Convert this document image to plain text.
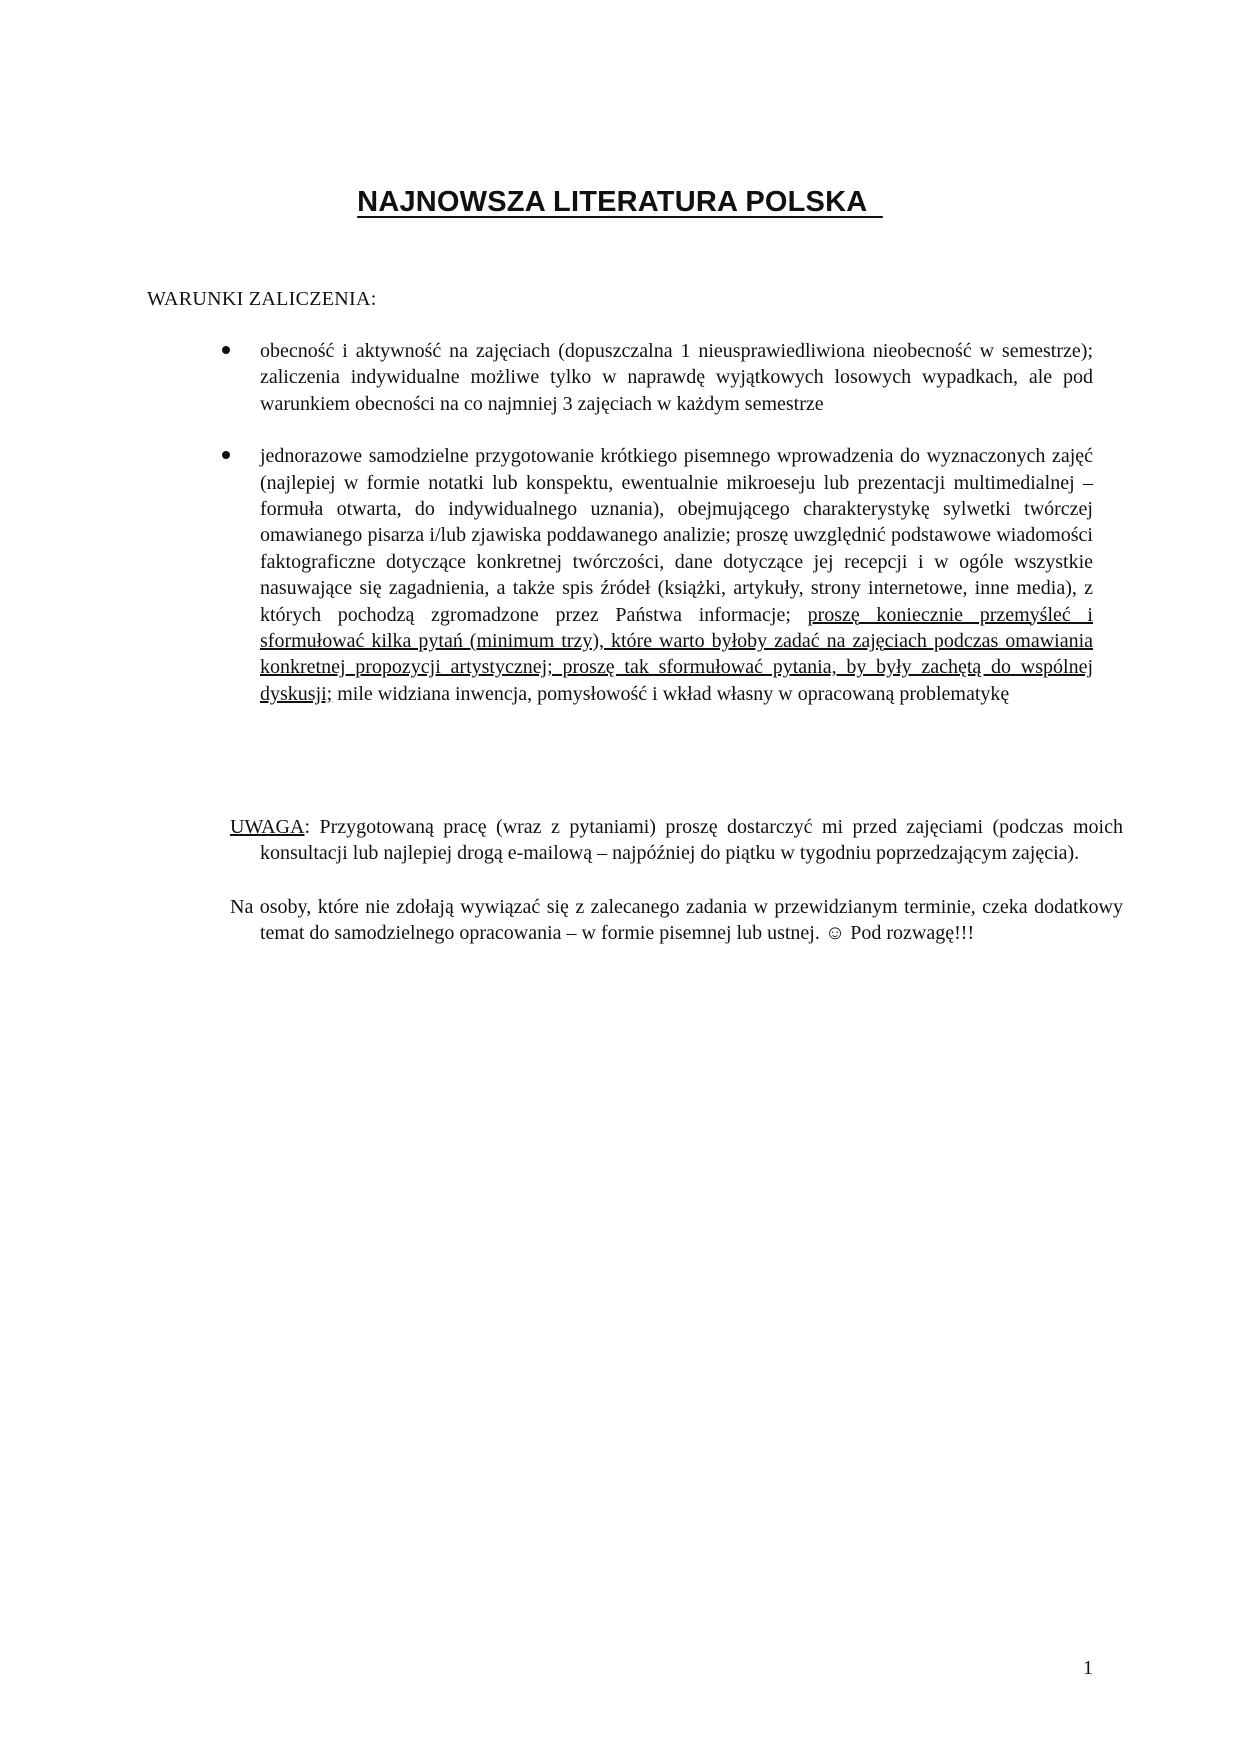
NAJNOWSZA LITERATURA POLSKA
WARUNKI ZALICZENIA:
obecność i aktywność na zajęciach (dopuszczalna 1 nieusprawiedliwiona nieobecność w semestrze); zaliczenia indywidualne możliwe tylko w naprawdę wyjątkowych losowych wypadkach, ale pod warunkiem obecności na co najmniej 3 zajęciach w każdym semestrze
jednorazowe samodzielne przygotowanie krótkiego pisemnego wprowadzenia do wyznaczonych zajęć (najlepiej w formie notatki lub konspektu, ewentualnie mikroeseju lub prezentacji multimedialnej – formuła otwarta, do indywidualnego uznania), obejmującego charakterystykę sylwetki twórczej omawianego pisarza i/lub zjawiska poddawanego analizie; proszę uwzględnić podstawowe wiadomości faktograficzne dotyczące konkretnej twórczości, dane dotyczące jej recepcji i w ogóle wszystkie nasuwające się zagadnienia, a także spis źródeł (książki, artykuły, strony internetowe, inne media), z których pochodzą zgromadzone przez Państwa informacje; proszę koniecznie przemyśleć i sformułować kilka pytań (minimum trzy), które warto byłoby zadać na zajęciach podczas omawiania konkretnej propozycji artystycznej; proszę tak sformułować pytania, by były zachętą do wspólnej dyskusji; mile widziana inwencja, pomysłowość i wkład własny w opracowaną problematykę
UWAGA: Przygotowaną pracę (wraz z pytaniami) proszę dostarczyć mi przed zajęciami (podczas moich konsultacji lub najlepiej drogą e-mailową – najpóźniej do piątku w tygodniu poprzedzającym zajęcia).
Na osoby, które nie zdołają wywiązać się z zalecanego zadania w przewidzianym terminie, czeka dodatkowy temat do samodzielnego opracowania – w formie pisemnej lub ustnej. ☺ Pod rozwagę!!!
1
